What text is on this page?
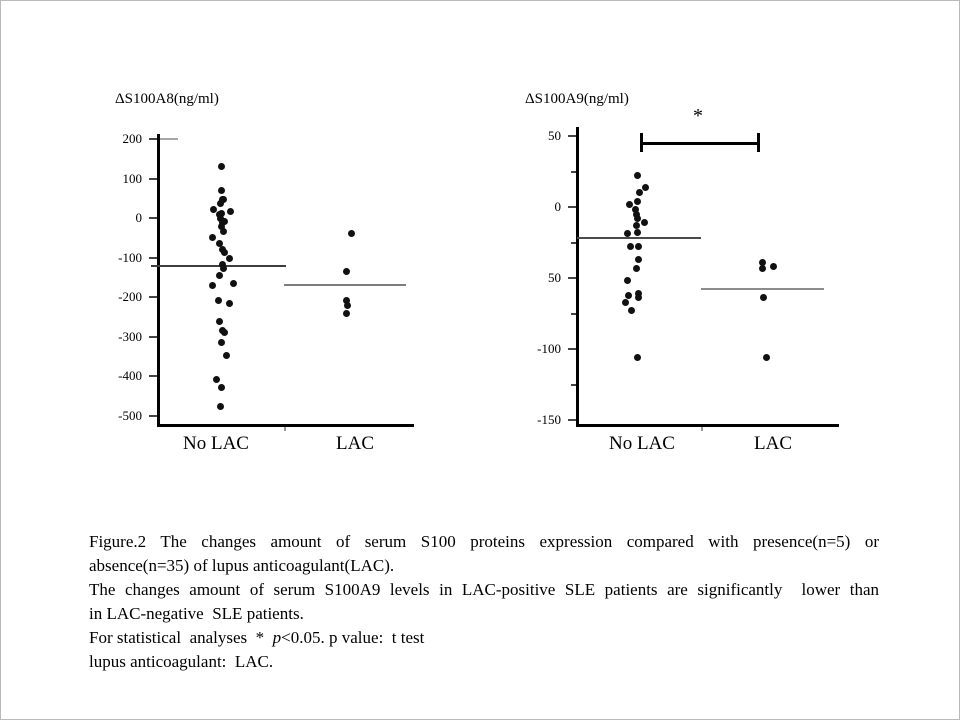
ΔS100A8(ng/ml)
200
100
0
-100
-200
-300
-400
-500
No LAC	LAC
ΔS100A9(ng/ml)
50
0
50
-100
-150
No LAC	LAC
*
Figure.2 The changes amount of serum S100 proteins expression compared with presence(n=5) or
absence(n=35) of lupus anticoagulant(LAC).
The changes amount of serum S100A9 levels in LAC-positive SLE patients are significantly  lower than
in LAC-negative  SLE patients.
For statistical  analyses  *  p<0.05. p value:  t test
lupus anticoagulant:  LAC.
